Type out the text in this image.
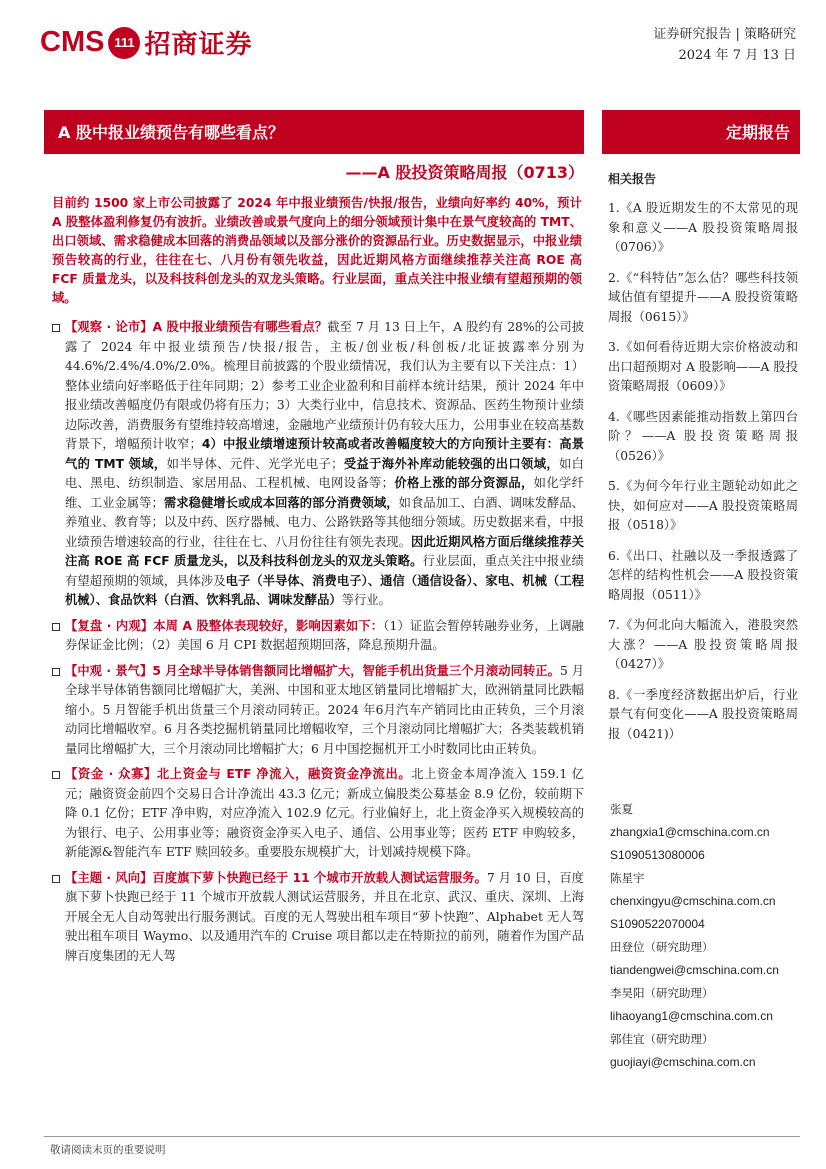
CMS 111 招商证券	证券研究报告 | 策略研究
2024 年 7 月 13 日
A 股中报业绩预告有哪些看点？	定期报告
——A 股投资策略周报（0713）
目前约 1500 家上市公司披露了 2024 年中报业绩预告/快报/报告，业绩向好率约 40%，预计 A 股整体盈利修复仍有波折。业绩改善或景气度向上的细分领域预计集中在景气度较高的 TMT、出口领域、需求稳健成本回落的消费品领域以及部分涨价的资源品行业。历史数据显示，中报业绩预告较高的行业，往往在七、八月份有领先收益，因此近期风格方面继续推荐关注高 ROE 高 FCF 质量龙头，以及科技科创龙头的双龙头策略。行业层面，重点关注中报业绩有望超预期的领域。
【观察 · 论市】A 股中报业绩预告有哪些看点？截至 7 月 13 日上午，A 股约有 28%的公司披露了 2024 年中报业绩预告/快报/报告，主板/创业板/科创板/北证披露率分别为 44.6%/2.4%/4.0%/2.0%。梳理目前披露的个股业绩情况，我们认为主要有以下关注点：1）整体业绩向好率略低于往年同期；2）参考工业企业盈利和目前样本统计结果，预计 2024 年中报业绩改善幅度仍有限或仍将有压力；3）大类行业中，信息技术、资源品、医药生物预计业绩边际改善，消费服务有望维持较高增速，金融地产业绩预计仍有较大压力，公用事业在较高基数背景下，增幅预计收窄；4）中报业绩增速预计较高或者改善幅度较大的方向预计主要有：高景气的 TMT 领域，如半导体、元件、光学光电子；受益于海外补库动能较强的出口领域，如白电、黑电、纺织制造、家居用品、工程机械、电网设备等；价格上涨的部分资源品，如化学纤维、工业金属等；需求稳健增长或成本回落的部分消费领域，如食品加工、白酒、调味发酵品、养殖业、教育等；以及中药、医疗器械、电力、公路铁路等其他细分领域。历史数据来看，中报业绩预告增速较高的行业，往往在七、八月份往往有领先表现。因此近期风格方面后继续推荐关注高 ROE 高 FCF 质量龙头，以及科技科创龙头的双龙头策略。行业层面，重点关注中报业绩有望超预期的领域，具体涉及电子（半导体、消费电子）、通信（通信设备）、家电、机械（工程机械）、食品饮料（白酒、饮料乳品、调味发酵品）等行业。
【复盘 · 内观】本周 A 股整体表现较好，影响因素如下：（1）证监会暂停转融券业务，上调融券保证金比例；（2）美国 6 月 CPI 数据超预期回落，降息预期升温。
【中观 · 景气】5 月全球半导体销售额同比增幅扩大，智能手机出货量三个月滚动同转正。5 月全球半导体销售额同比增幅扩大，美洲、中国和亚太地区销量同比增幅扩大，欧洲销量同比跌幅缩小。5 月智能手机出货量三个月滚动同转正。2024 年6月汽车产销同比由正转负，三个月滚动同比增幅收窄。6 月各类挖掘机销量同比增幅收窄，三个月滚动同比增幅扩大；各类装载机销量同比增幅扩大，三个月滚动同比增幅扩大；6 月中国挖掘机开工小时数同比由正转负。
【资金 · 众寡】北上资金与 ETF 净流入，融资资金净流出。北上资金本周净流入 159.1 亿元；融资资金前四个交易日合计净流出 43.3 亿元；新成立偏股类公募基金 8.9 亿份，较前期下降 0.1 亿份；ETF 净申购，对应净流入 102.9 亿元。行业偏好上，北上资金净买入规模较高的为银行、电子、公用事业等；融资资金净买入电子、通信、公用事业等；医药 ETF 申购较多，新能源&智能汽车 ETF 赎回较多。重要股东规模扩大，计划减持规模下降。
【主题 · 风向】百度旗下萝卜快跑已经于 11 个城市开放载人测试运营服务。7 月 10 日，百度旗下萝卜快跑已经于 11 个城市开放载人测试运营服务，并且在北京、武汉、重庆、深圳、上海开展全无人自动驾驶出行服务测试。百度的无人驾驶出租车项目“萝卜快跑”、Alphabet 无人驾驶出租车项目 Waymo、以及通用汽车的 Cruise 项目都以走在特斯拉的前列，随着作为国产品牌百度集团的无人驾
相关报告
1.《A 股近期发生的不太常见的现象和意义——A 股投资策略周报（0706）》
2.《“科特估”怎么估？哪些科技领域估值有望提升——A 股投资策略周报（0615）》
3.《如何看待近期大宗价格波动和出口超预期对 A 股影响——A 股投资策略周报（0609）》
4.《哪些因素能推动指数上第四台阶？——A 股投资策略周报（0526）》
5.《为何今年行业主题轮动如此之快，如何应对——A 股投资策略周报（0518）》
6.《出口、社融以及一季报透露了怎样的结构性机会——A 股投资策略周报（0511）》
7.《为何北向大幅流入，港股突然大涨？——A 股投资策略周报（0427）》
8.《一季度经济数据出炉后，行业景气有何变化——A 股投资策略周报（0421)）
张夏
zhangxia1@cmschina.com.cn
S1090513080006
陈星宇
chenxingyu@cmschina.com.cn
S1090522070004
田登位（研究助理）
tiandengwei@cmschina.com.cn
李昊阳（研究助理）
lihaoyang1@cmschina.com.cn
郭佳宜（研究助理）
guojiayi@cmschina.com.cn
敬请阅读末页的重要说明
